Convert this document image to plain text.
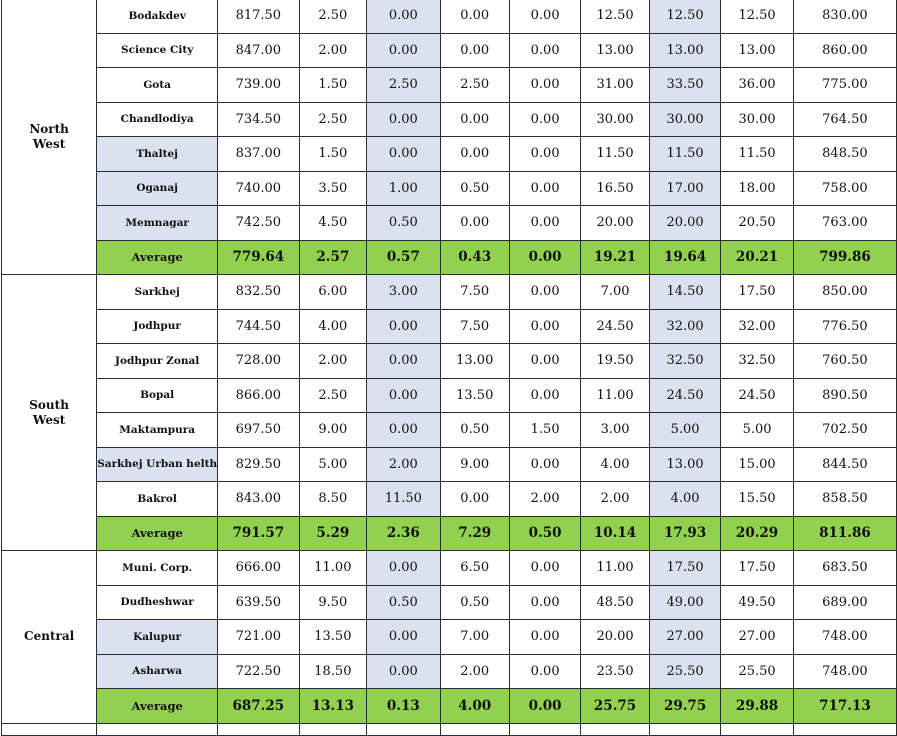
North
West	Bodakdev	817.50	2.50	0.00	0.00	0.00	12.50	12.50	12.50	830.00
	Science City	847.00	2.00	0.00	0.00	0.00	13.00	13.00	13.00	860.00
	Gota	739.00	1.50	2.50	2.50	0.00	31.00	33.50	36.00	775.00
	Chandlodiya	734.50	2.50	0.00	0.00	0.00	30.00	30.00	30.00	764.50
	Thaltej	837.00	1.50	0.00	0.00	0.00	11.50	11.50	11.50	848.50
	Oganaj	740.00	3.50	1.00	0.50	0.00	16.50	17.00	18.00	758.00
	Memnagar	742.50	4.50	0.50	0.00	0.00	20.00	20.00	20.50	763.00
	Average	779.64	2.57	0.57	0.43	0.00	19.21	19.64	20.21	799.86

South
West	Sarkhej	832.50	6.00	3.00	7.50	0.00	7.00	14.50	17.50	850.00
	Jodhpur	744.50	4.00	0.00	7.50	0.00	24.50	32.00	32.00	776.50
	Jodhpur Zonal	728.00	2.00	0.00	13.00	0.00	19.50	32.50	32.50	760.50
	Bopal	866.00	2.50	0.00	13.50	0.00	11.00	24.50	24.50	890.50
	Maktampura	697.50	9.00	0.00	0.50	1.50	3.00	5.00	5.00	702.50
	Sarkhej Urban helth	829.50	5.00	2.00	9.00	0.00	4.00	13.00	15.00	844.50
	Bakrol	843.00	8.50	11.50	0.00	2.00	2.00	4.00	15.50	858.50
	Average	791.57	5.29	2.36	7.29	0.50	10.14	17.93	20.29	811.86

Central	Muni. Corp.	666.00	11.00	0.00	6.50	0.00	11.00	17.50	17.50	683.50
	Dudheshwar	639.50	9.50	0.50	0.50	0.00	48.50	49.00	49.50	689.00
	Kalupur	721.00	13.50	0.00	7.00	0.00	20.00	27.00	27.00	748.00
	Asharwa	722.50	18.50	0.00	2.00	0.00	23.50	25.50	25.50	748.00
	Average	687.25	13.13	0.13	4.00	0.00	25.75	29.75	29.88	717.13
